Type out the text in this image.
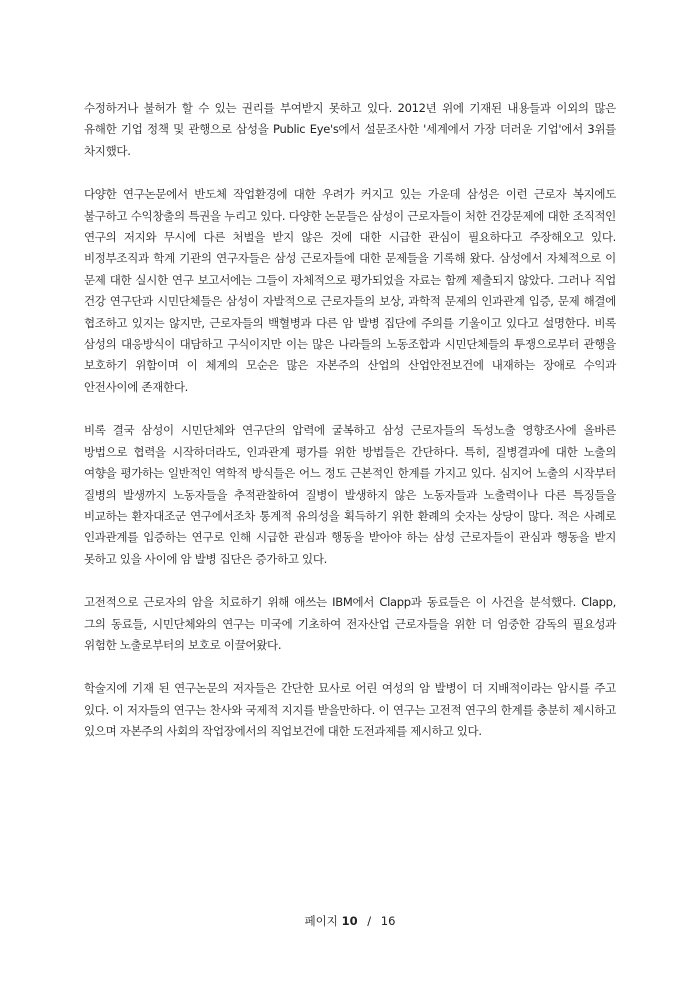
수정하거나 불허가 할 수 있는 권리를 부여받지 못하고 있다. 2012년 위에 기재된 내용들과 이외의 많은 유해한 기업 정책 및 관행으로 삼성을 Public Eye's에서 설문조사한 '세계에서 가장 더러운 기업'에서 3위를 차지했다.

다양한 연구논문에서 반도체 작업환경에 대한 우려가 커지고 있는 가운데 삼성은 이런 근로자 복지에도 불구하고 수익창출의 특권을 누리고 있다. 다양한 논문들은 삼성이 근로자들이 처한 건강문제에 대한 조직적인 연구의 저지와 무시에 다른 처벌을 받지 않은 것에 대한 시급한 관심이 필요하다고 주장해오고 있다. 비정부조직과 학계 기관의 연구자들은 삼성 근로자들에 대한 문제들을 기록해 왔다. 삼성에서 자체적으로 이 문제 대한 실시한 연구 보고서에는 그들이 자체적으로 평가되었을 자료는 함께 제출되지 않았다. 그러나 직업 건강 연구단과 시민단체들은 삼성이 자발적으로 근로자들의 보상, 과학적 문제의 인과관계 입증, 문제 해결에 협조하고 있지는 않지만, 근로자들의 백혈병과 다른 암 발병 집단에 주의를 기울이고 있다고 설명한다. 비록 삼성의 대응방식이 대담하고 구식이지만 이는 많은 나라들의 노동조합과 시민단체들의 투쟁으로부터 관행을 보호하기 위함이며 이 체계의 모순은 많은 자본주의 산업의 산업안전보건에 내재하는 장애로 수익과 안전사이에 존재한다.

비록 결국 삼성이 시민단체와 연구단의 압력에 굴복하고 삼성 근로자들의 독성노출 영향조사에 올바른 방법으로 협력을 시작하더라도, 인과관계 평가를 위한 방법들은 간단하다. 특히, 질병결과에 대한 노출의 여향을 평가하는 일반적인 역학적 방식들은 어느 정도 근본적인 한계를 가지고 있다. 심지어 노출의 시작부터 질병의 발생까지 노동자들을 추적관찰하여 질병이 발생하지 않은 노동자들과 노출력이나 다른 특징들을 비교하는 환자대조군 연구에서조차 통계적 유의성을 획득하기 위한 환례의 숫자는 상당이 많다. 적은 사례로 인과관계를 입증하는 연구로 인해 시급한 관심과 행동을 받아야 하는 삼성 근로자들이 관심과 행동을 받지 못하고 있을 사이에 암 발병 집단은 증가하고 있다.

고전적으로 근로자의 암을 치료하기 위해 애쓰는 IBM에서 Clapp과 동료들은 이 사건을 분석했다. Clapp, 그의 동료들, 시민단체와의 연구는 미국에 기초하여 전자산업 근로자들을 위한 더 엄중한 감독의 필요성과 위험한 노출로부터의 보호로 이끌어왔다.

학술지에 기재 된 연구논문의 저자들은 간단한 묘사로 어린 여성의 암 발병이 더 지배적이라는 암시를 주고 있다. 이 저자들의 연구는 찬사와 국제적 지지를 받을만하다. 이 연구는 고전적 연구의 한계를 충분히 제시하고 있으며 자본주의 사회의 작업장에서의 직업보건에 대한 도전과제를 제시하고 있다.

페이지 10 / 16
